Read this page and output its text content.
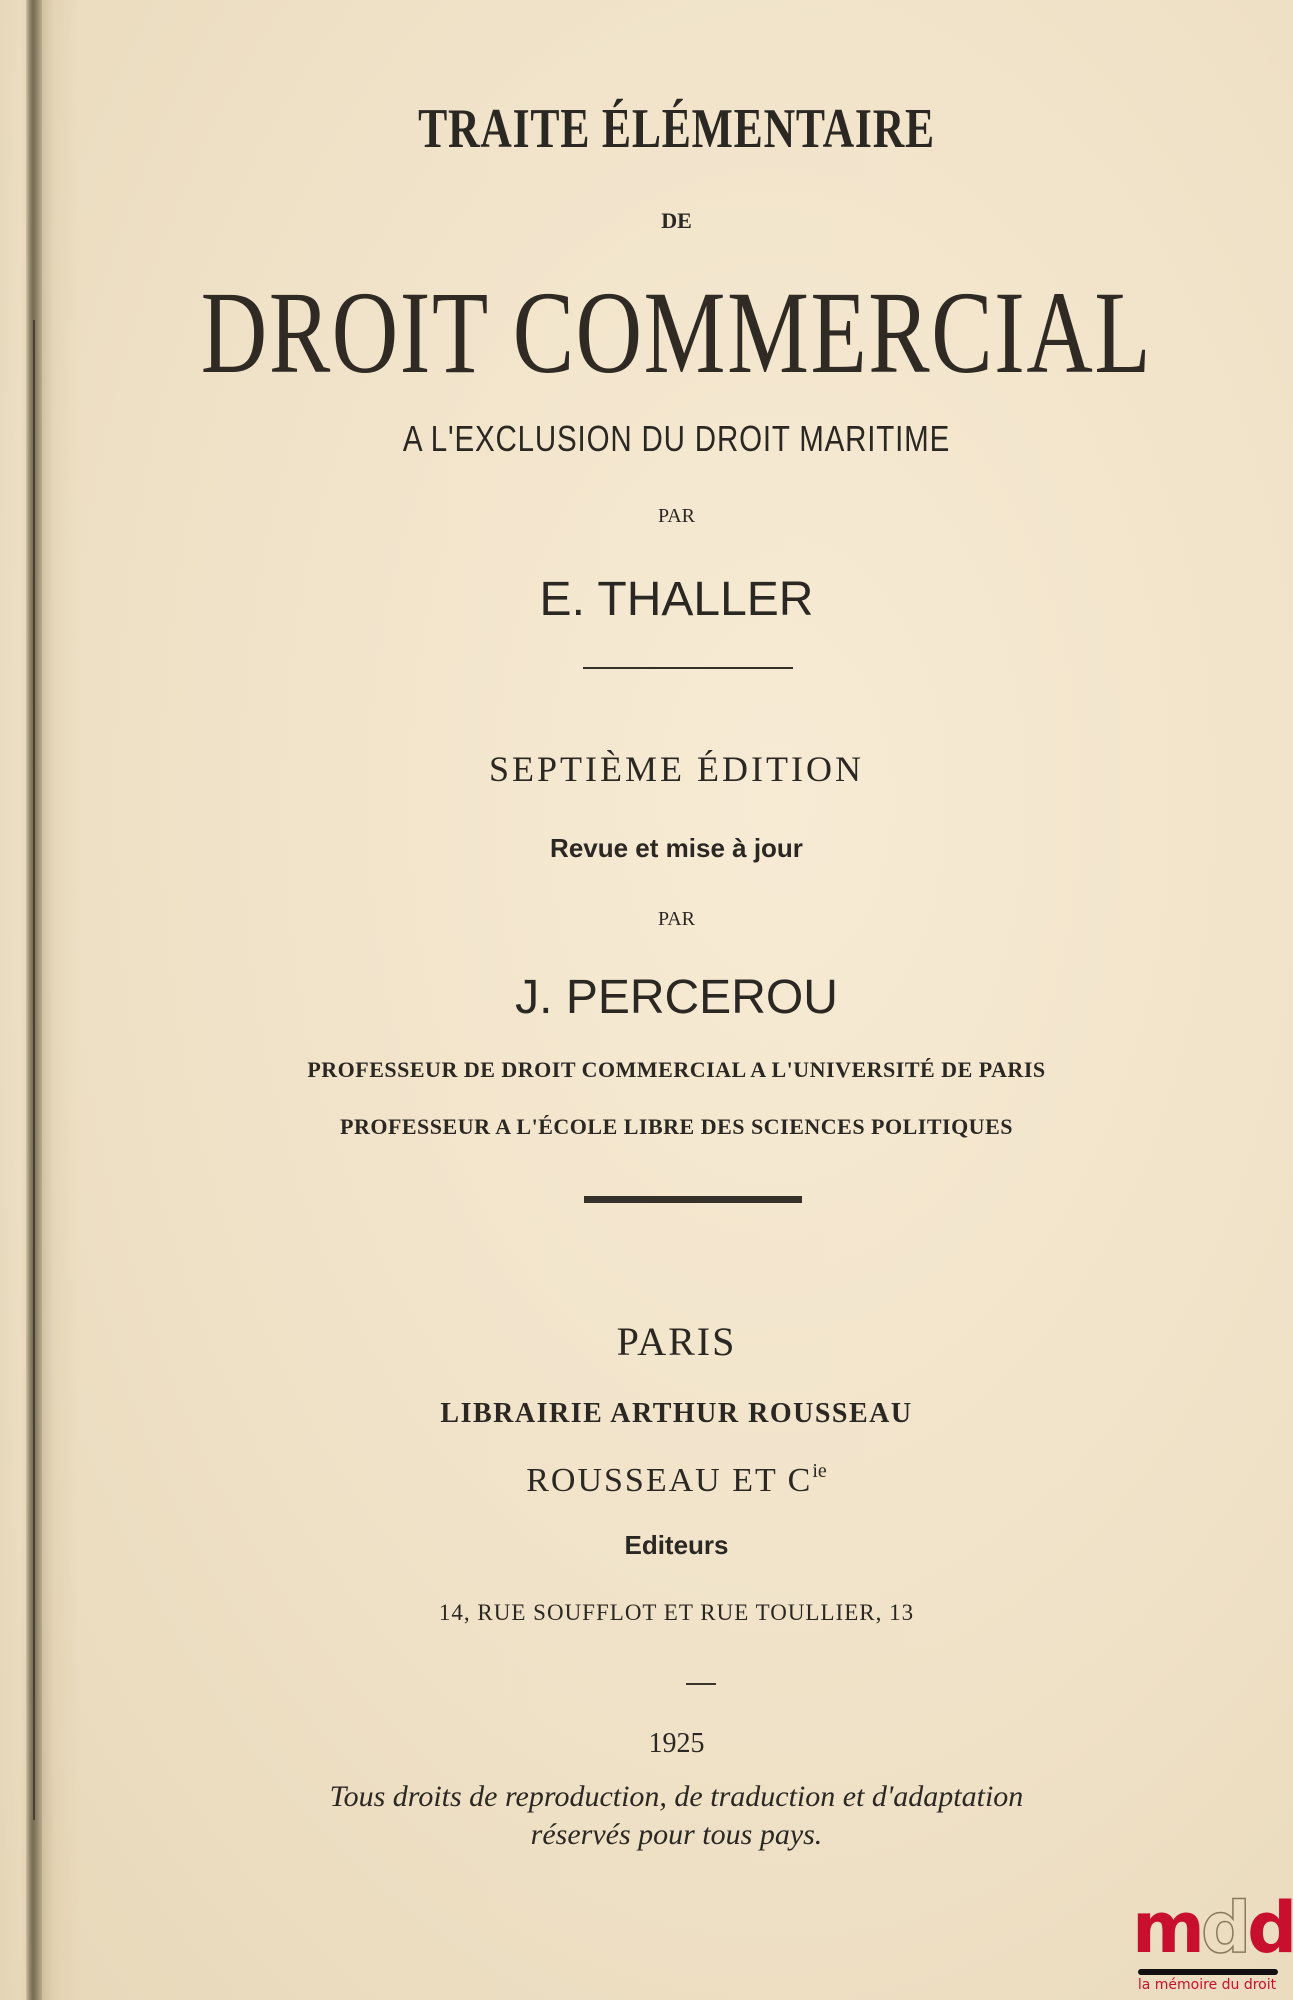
TRAITE ÉLÉMENTAIRE
DE
DROIT COMMERCIAL
A L'EXCLUSION DU DROIT MARITIME
PAR
E. THALLER
SEPTIÈME ÉDITION
Revue et mise à jour
PAR
J. PERCEROU
PROFESSEUR DE DROIT COMMERCIAL A L'UNIVERSITÉ DE PARIS
PROFESSEUR A L'ÉCOLE LIBRE DES SCIENCES POLITIQUES
PARIS
LIBRAIRIE ARTHUR ROUSSEAU
ROUSSEAU ET $C^{ie}$
Editeurs
14, RUE SOUFFLOT ET RUE TOULLIER, 13
1925
Tous droits de reproduction, de traduction et d'adaptation
réservés pour tous pays.
mdd
la mémoire du droit
